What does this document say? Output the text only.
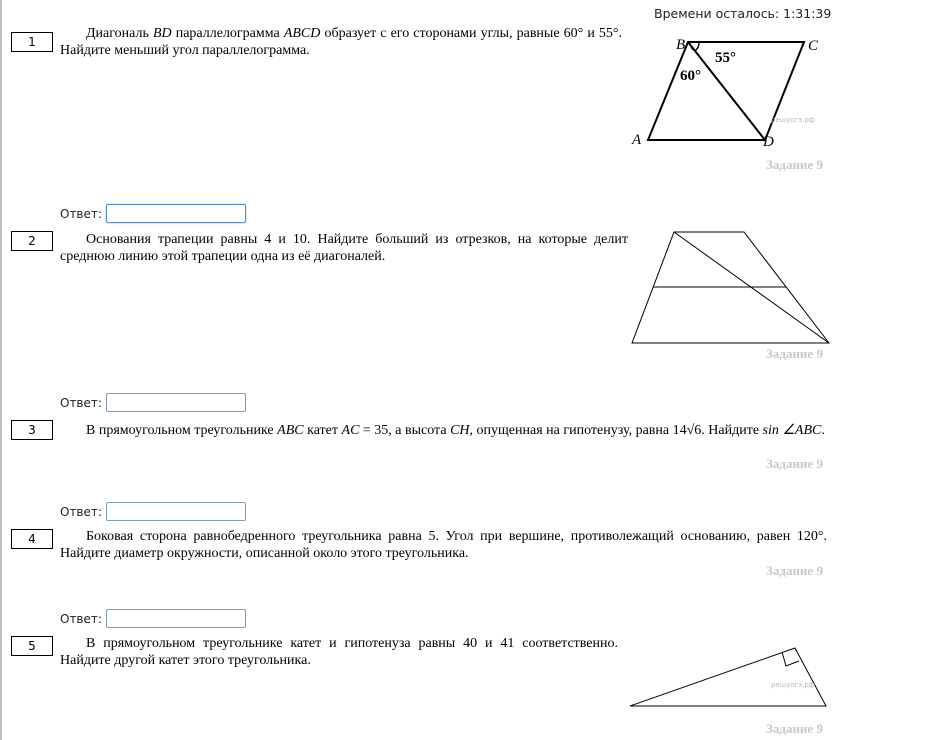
Времени осталось: 1:31:39
1
Диагональ BD параллелограмма ABCD образует с его сторонами углы, равные 60° и 55°. Найдите меньший угол параллелограмма.	B	C
A	D
55°
60°
решуогэ.рф
Задание 9
Ответ:
2	Основания трапеции равны 4 и 10. Найдите больший из отрезков, на которые делит среднюю линию этой трапеции одна из её диагоналей.
Задание 9
Ответ:
3	В прямоугольном треугольнике ABC катет AC = 35, а высота CH, опущенная на гипотенузу, равна 14√6. Найдите sin ∠ABC.
Задание 9
Ответ:
4	Боковая сторона равнобедренного треугольника равна 5. Угол при вершине, противолежащий основанию, равен 120°. Найдите диаметр окружности, описанной около этого треугольника.
Задание 9
Ответ:
5	В прямоугольном треугольнике катет и гипотенуза равны 40 и 41 соответственно. Найдите другой катет этого треугольника.
решуогэ.рф
Задание 9
